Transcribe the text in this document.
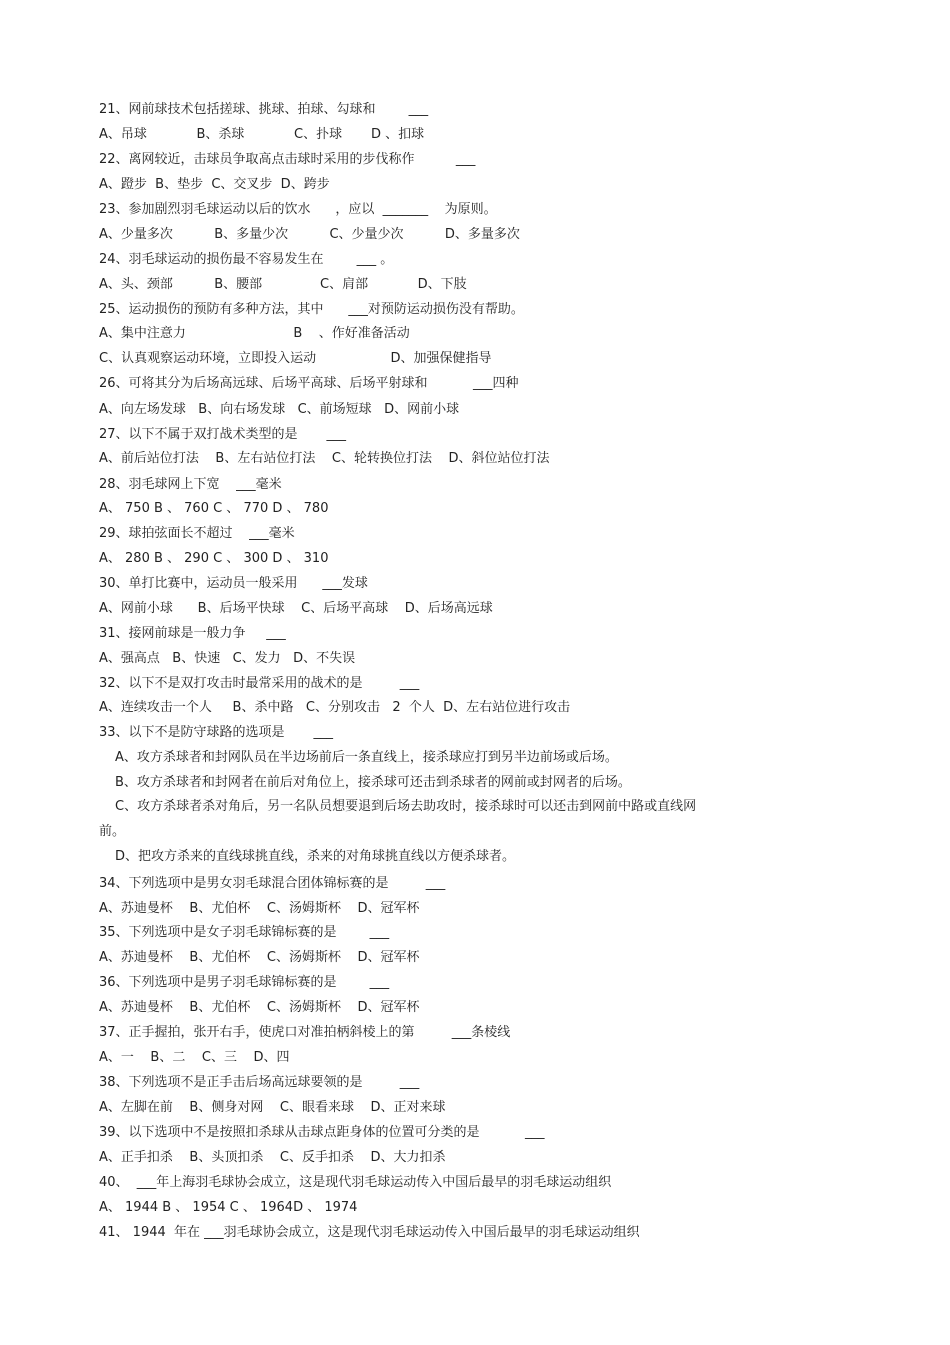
21、网前球技术包括搓球、挑球、拍球、勾球和        ___

A、吊球            B、杀球            C、扑球       D 、扣球

22、离网较近，击球员争取高点击球时采用的步伐称作          ___

A、蹬步  B、垫步  C、交叉步  D、跨步

23、参加剧烈羽毛球运动以后的饮水      ，应以  _______    为原则。

A、少量多次          B、多量少次          C、少量少次          D、多量多次

24、羽毛球运动的损伤最不容易发生在        ___ 。

A、头、颈部          B、腰部              C、肩部            D、下肢

25、运动损伤的预防有多种方法，其中      ___对预防运动损伤没有帮助。

A、集中注意力                          B    、作好准备活动

C、认真观察运动环境，立即投入运动                  D、加强保健指导

26、可将其分为后场高远球、后场平高球、后场平射球和           ___四种

A、向左场发球   B、向右场发球   C、前场短球   D、网前小球

27、以下不属于双打战术类型的是       ___

A、前后站位打法    B、左右站位打法    C、轮转换位打法    D、斜位站位打法

28、羽毛球网上下宽    ___毫米

A、 750 B 、 760 C 、 770 D 、 780

29、球拍弦面长不超过    ___毫米

A、 280 B 、 290 C 、 300 D 、 310

30、单打比赛中，运动员一般采用      ___发球

A、网前小球      B、后场平快球    C、后场平高球    D、后场高远球

31、接网前球是一般力争     ___

A、强高点   B、快速   C、发力   D、不失误

32、以下不是双打攻击时最常采用的战术的是         ___

A、连续攻击一个人     B、杀中路   C、分别攻击   2  个人  D、左右站位进行攻击

33、以下不是防守球路的选项是       ___

A、攻方杀球者和封网队员在半边场前后一条直线上，接杀球应打到另半边前场或后场。

B、攻方杀球者和封网者在前后对角位上，接杀球可还击到杀球者的网前或封网者的后场。

C、攻方杀球者杀对角后，另一名队员想要退到后场去助攻时，接杀球时可以还击到网前中路或直线网

前。

D、把攻方杀来的直线球挑直线，杀来的对角球挑直线以方便杀球者。

34、下列选项中是男女羽毛球混合团体锦标赛的是         ___

A、苏迪曼杯    B、尤伯杯    C、汤姆斯杯    D、冠军杯

35、下列选项中是女子羽毛球锦标赛的是        ___

A、苏迪曼杯    B、尤伯杯    C、汤姆斯杯    D、冠军杯

36、下列选项中是男子羽毛球锦标赛的是        ___

A、苏迪曼杯    B、尤伯杯    C、汤姆斯杯    D、冠军杯

37、正手握拍，张开右手，使虎口对准拍柄斜棱上的第         ___条棱线

A、一    B、二    C、三    D、四

38、下列选项不是正手击后场高远球要领的是         ___

A、左脚在前    B、侧身对网    C、眼看来球    D、正对来球

39、以下选项中不是按照扣杀球从击球点距身体的位置可分类的是           ___

A、正手扣杀    B、头顶扣杀    C、反手扣杀    D、大力扣杀

40、  ___年上海羽毛球协会成立，这是现代羽毛球运动传入中国后最早的羽毛球运动组织

A、 1944 B 、 1954 C 、 1964D 、 1974

41、 1944  年在 ___羽毛球协会成立，这是现代羽毛球运动传入中国后最早的羽毛球运动组织
